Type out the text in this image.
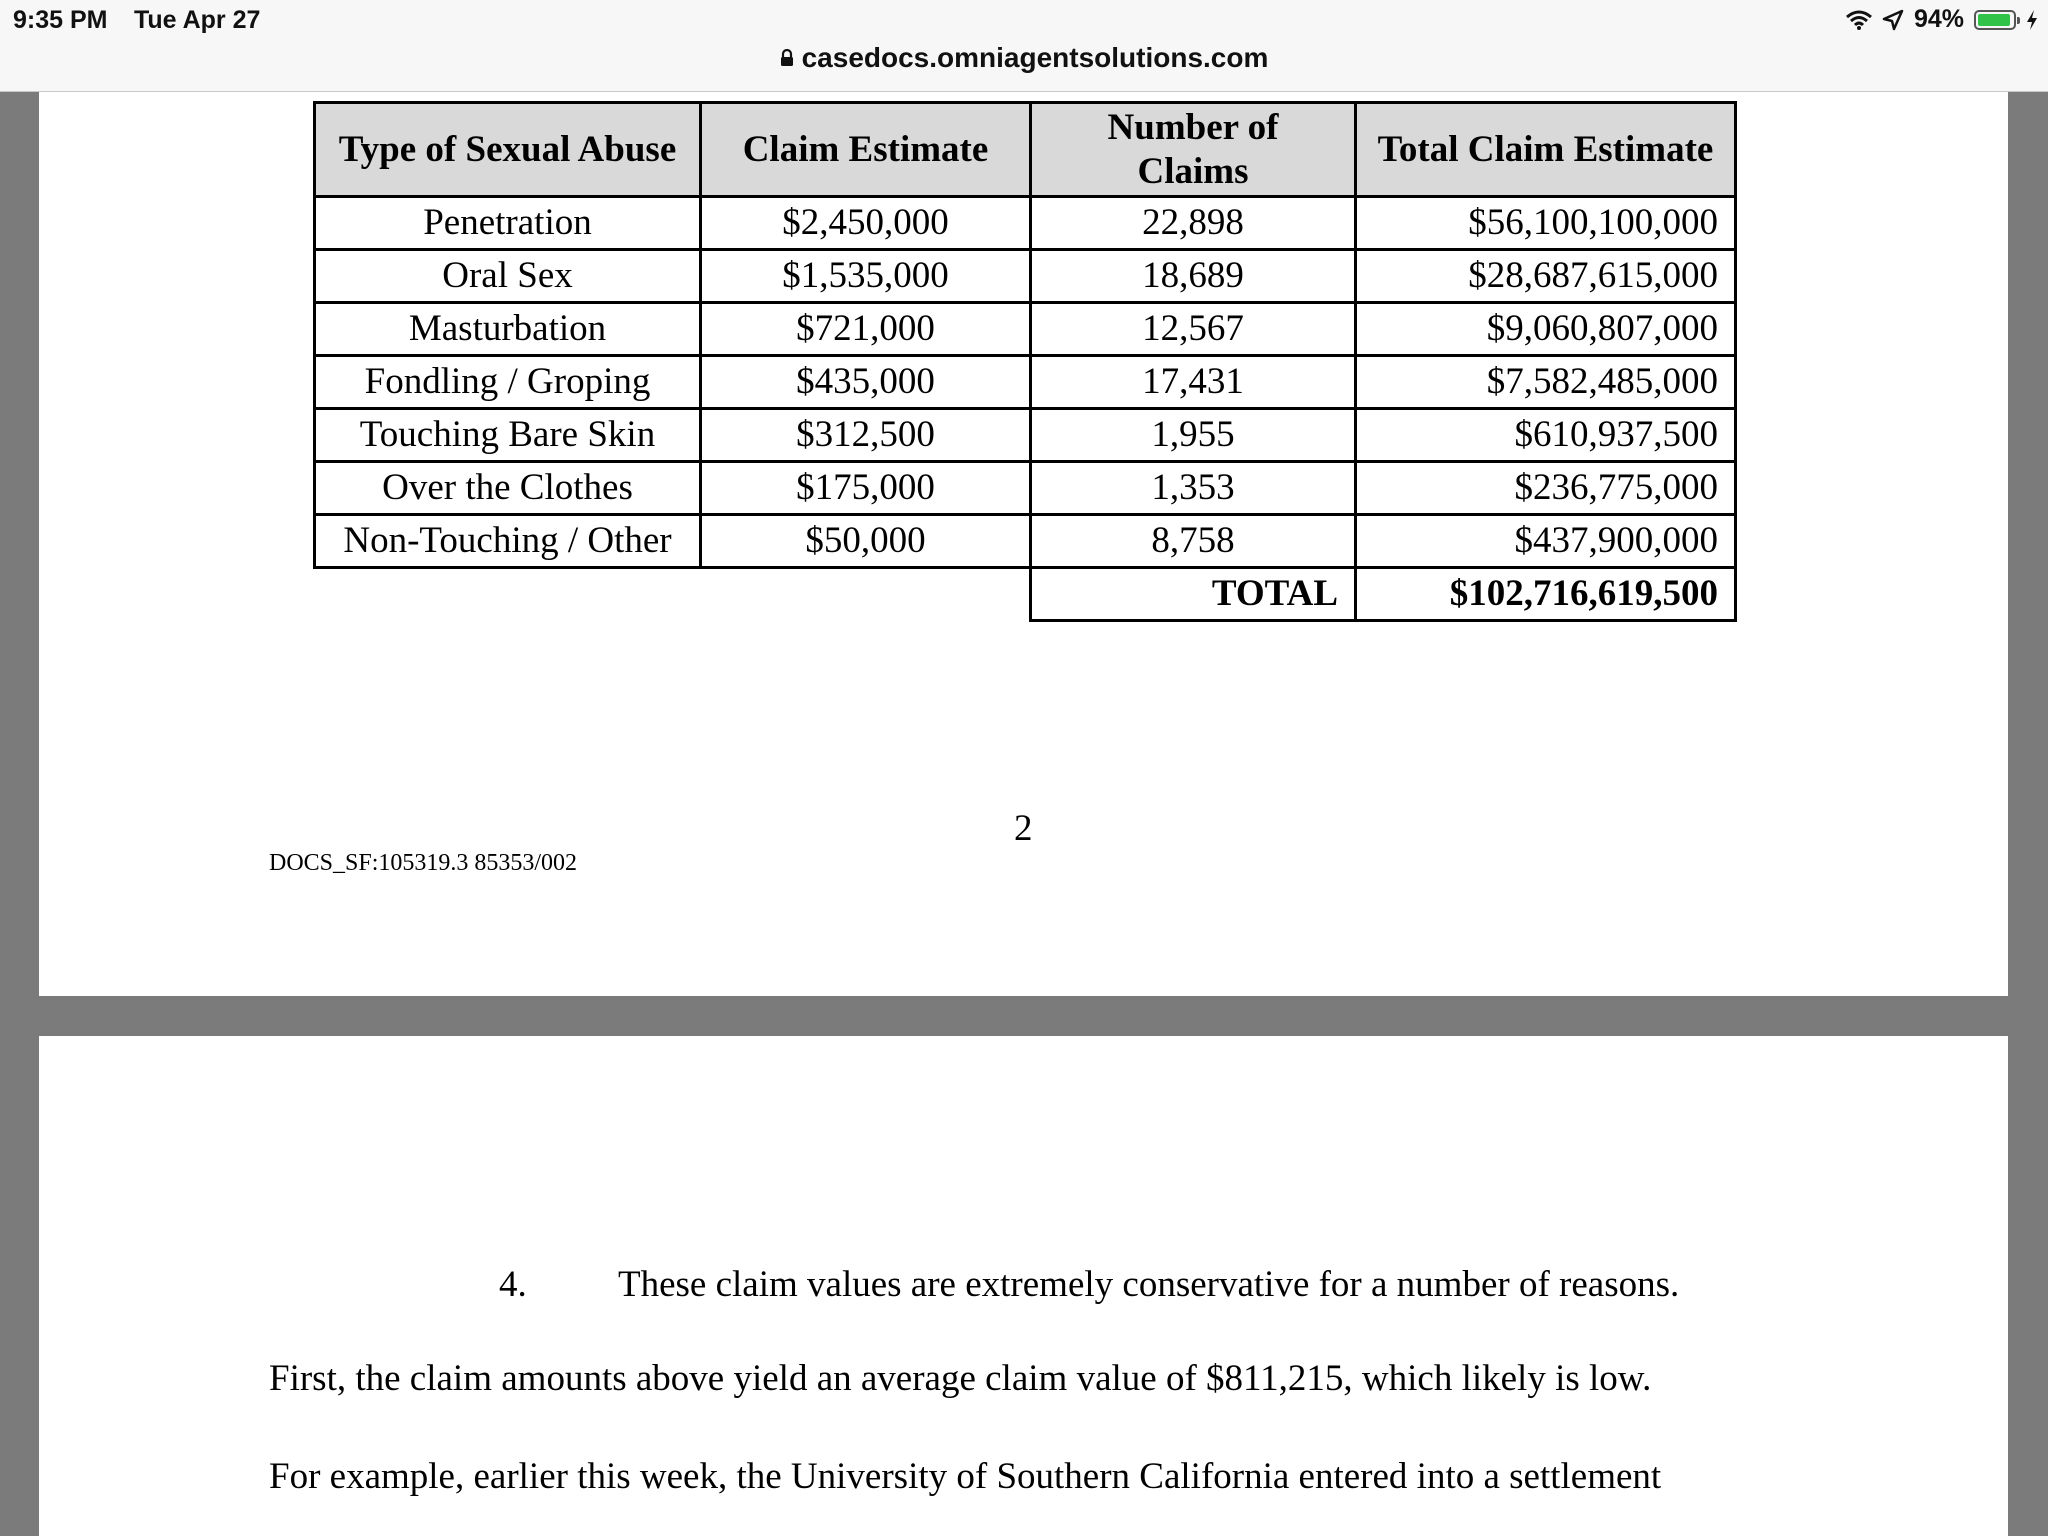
9:35 PM Tue Apr 27	94%
casedocs.omniagentsolutions.com
Type of Sexual Abuse	Claim Estimate	Number of Claims	Total Claim Estimate
Penetration	$2,450,000	22,898	$56,100,100,000
Oral Sex	$1,535,000	18,689	$28,687,615,000
Masturbation	$721,000	12,567	$9,060,807,000
Fondling / Groping	$435,000	17,431	$7,582,485,000
Touching Bare Skin	$312,500	1,955	$610,937,500
Over the Clothes	$175,000	1,353	$236,775,000
Non-Touching / Other	$50,000	8,758	$437,900,000
		TOTAL	$102,716,619,500
2
DOCS_SF:105319.3 85353/002
4. These claim values are extremely conservative for a number of reasons.
First, the claim amounts above yield an average claim value of $811,215, which likely is low.
For example, earlier this week, the University of Southern California entered into a settlement
